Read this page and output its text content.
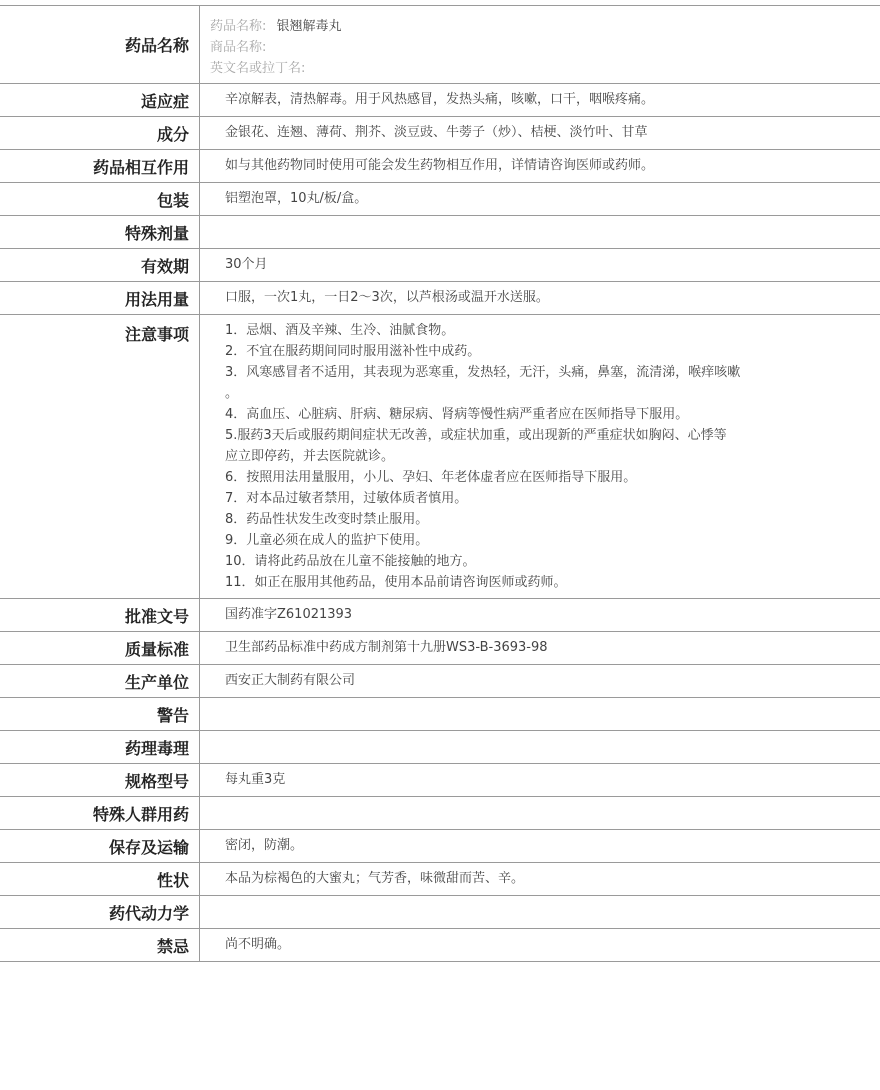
药品名称
药品名称: 银翘解毒丸
商品名称:
英文名或拉丁名:
适应症	辛凉解表，清热解毒。用于风热感冒，发热头痛，咳嗽，口干，咽喉疼痛。
成分	金银花、连翘、薄荷、荆芥、淡豆豉、牛蒡子（炒）、桔梗、淡竹叶、甘草
药品相互作用	如与其他药物同时使用可能会发生药物相互作用，详情请咨询医师或药师。
包装	铝塑泡罩，10丸/板/盒。
特殊剂量
有效期	30个月
用法用量	口服，一次1丸，一日2～3次，以芦根汤或温开水送服。
注意事项	1．忌烟、酒及辛辣、生冷、油腻食物。
2．不宜在服药期间同时服用滋补性中成药。
3．风寒感冒者不适用，其表现为恶寒重，发热轻，无汗，头痛，鼻塞，流清涕，喉痒咳嗽
。
4．高血压、心脏病、肝病、糖尿病、肾病等慢性病严重者应在医师指导下服用。
5.服药3天后或服药期间症状无改善，或症状加重，或出现新的严重症状如胸闷、心悸等
应立即停药，并去医院就诊。
6．按照用法用量服用，小儿、孕妇、年老体虚者应在医师指导下服用。
7．对本品过敏者禁用，过敏体质者慎用。
8．药品性状发生改变时禁止服用。
9．儿童必须在成人的监护下使用。
10．请将此药品放在儿童不能接触的地方。
11．如正在服用其他药品，使用本品前请咨询医师或药师。
批准文号	国药准字Z61021393
质量标准	卫生部药品标准中药成方制剂第十九册WS3-B-3693-98
生产单位	西安正大制药有限公司
警告
药理毒理
规格型号	每丸重3克
特殊人群用药
保存及运输	密闭，防潮。
性状	本品为棕褐色的大蜜丸；气芳香，味微甜而苦、辛。
药代动力学
禁忌	尚不明确。
